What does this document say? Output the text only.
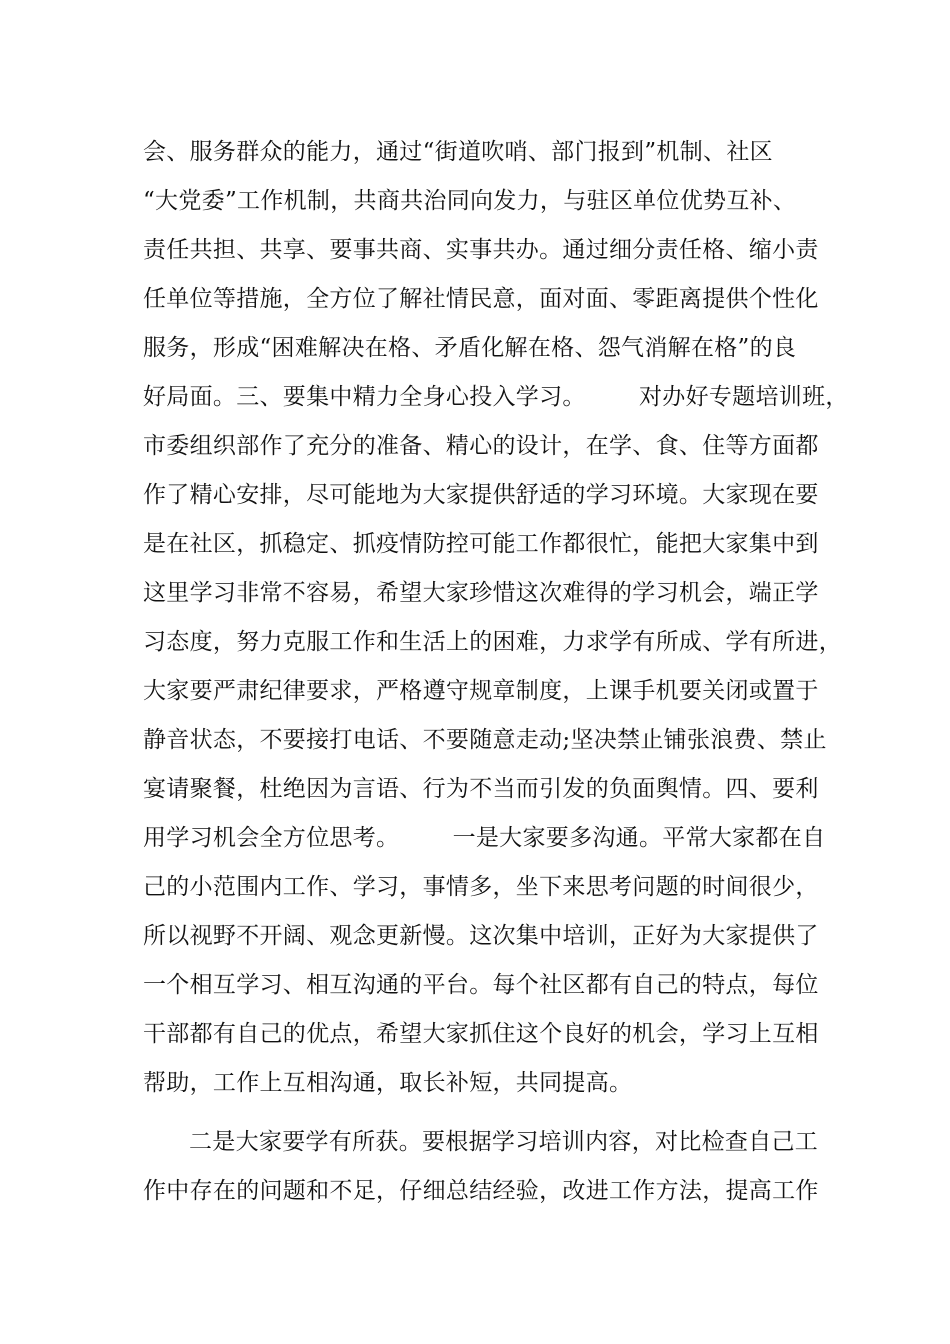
会、服务群众的能力，通过“街道吹哨、部门报到”机制、社区
“大党委”工作机制，共商共治同向发力，与驻区单位优势互补、
责任共担、共享、要事共商、实事共办。通过细分责任格、缩小责
任单位等措施，全方位了解社情民意，面对面、零距离提供个性化
服务，形成“困难解决在格、矛盾化解在格、怨气消解在格”的良
好局面。三、要集中精力全身心投入学习。       对办好专题培训班，
市委组织部作了充分的准备、精心的设计，在学、食、住等方面都
作了精心安排，尽可能地为大家提供舒适的学习环境。大家现在要
是在社区，抓稳定、抓疫情防控可能工作都很忙，能把大家集中到
这里学习非常不容易，希望大家珍惜这次难得的学习机会，端正学
习态度，努力克服工作和生活上的困难，力求学有所成、学有所进，
大家要严肃纪律要求，严格遵守规章制度，上课手机要关闭或置于
静音状态，不要接打电话、不要随意走动;坚决禁止铺张浪费、禁止
宴请聚餐，杜绝因为言语、行为不当而引发的负面舆情。四、要利
用学习机会全方位思考。       一是大家要多沟通。平常大家都在自
己的小范围内工作、学习，事情多，坐下来思考问题的时间很少，
所以视野不开阔、观念更新慢。这次集中培训，正好为大家提供了
一个相互学习、相互沟通的平台。每个社区都有自己的特点，每位
干部都有自己的优点，希望大家抓住这个良好的机会，学习上互相
帮助，工作上互相沟通，取长补短，共同提高。
二是大家要学有所获。要根据学习培训内容，对比检查自己工
作中存在的问题和不足，仔细总结经验，改进工作方法，提高工作
